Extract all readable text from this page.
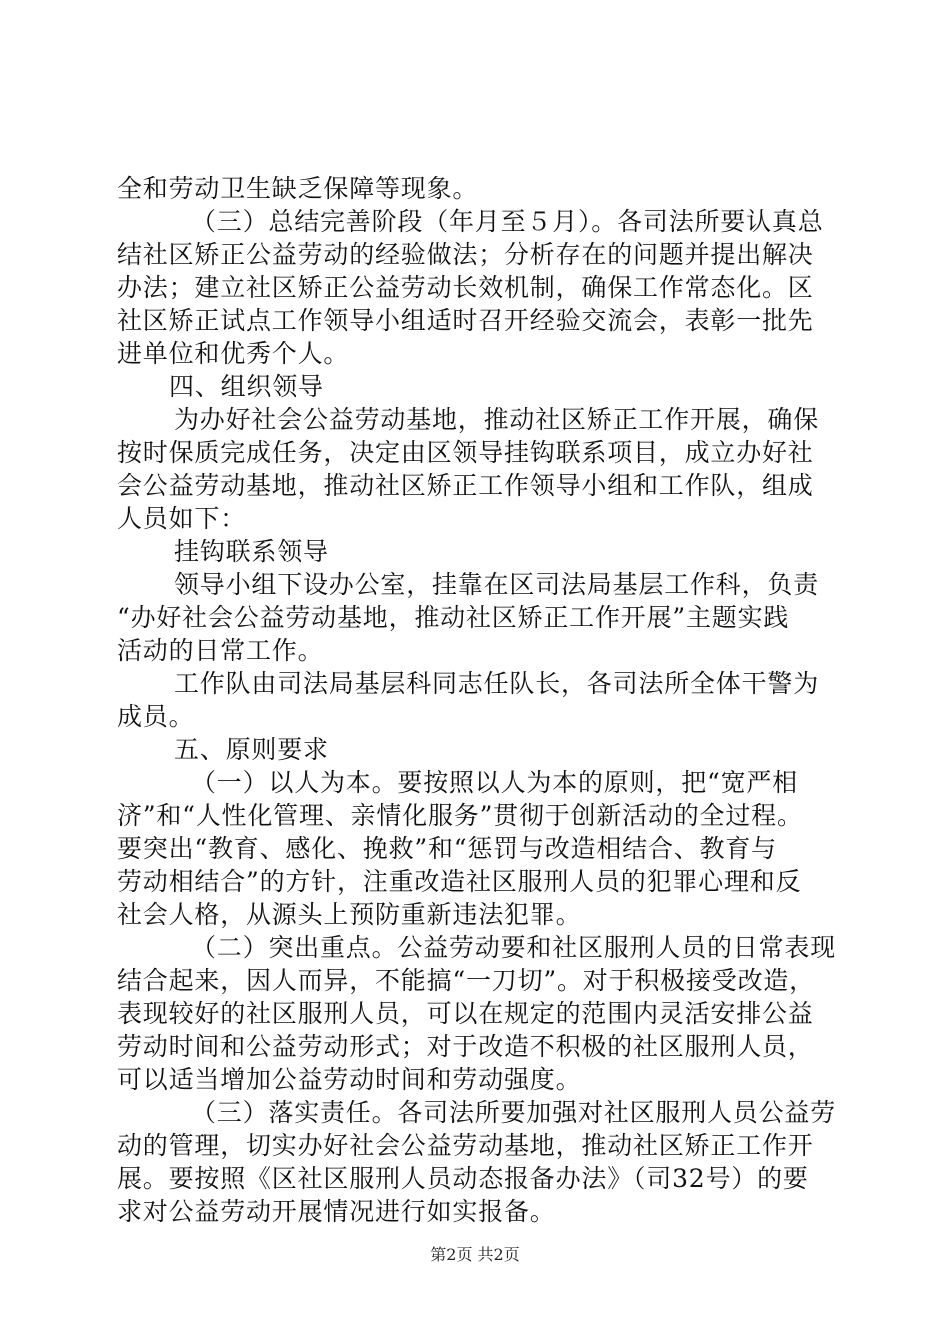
全和劳动卫生缺乏保障等现象。
（三）总结完善阶段（年月至５月）。各司法所要认真总
结社区矫正公益劳动的经验做法；分析存在的问题并提出解决
办法；建立社区矫正公益劳动长效机制，确保工作常态化。区
社区矫正试点工作领导小组适时召开经验交流会，表彰一批先
进单位和优秀个人。
四、组织领导
为办好社会公益劳动基地，推动社区矫正工作开展，确保
按时保质完成任务，决定由区领导挂钩联系项目，成立办好社
会公益劳动基地，推动社区矫正工作领导小组和工作队，组成
人员如下：
挂钩联系领导
领导小组下设办公室，挂靠在区司法局基层工作科，负责
“办好社会公益劳动基地，推动社区矫正工作开展”主题实践
活动的日常工作。
工作队由司法局基层科同志任队长，各司法所全体干警为
成员。
五、原则要求
（一）以人为本。要按照以人为本的原则，把“宽严相
济”和“人性化管理、亲情化服务”贯彻于创新活动的全过程。
要突出“教育、感化、挽救”和“惩罚与改造相结合、教育与
劳动相结合”的方针，注重改造社区服刑人员的犯罪心理和反
社会人格，从源头上预防重新违法犯罪。
（二）突出重点。公益劳动要和社区服刑人员的日常表现
结合起来，因人而异，不能搞“一刀切”。对于积极接受改造，
表现较好的社区服刑人员，可以在规定的范围内灵活安排公益
劳动时间和公益劳动形式；对于改造不积极的社区服刑人员，
可以适当增加公益劳动时间和劳动强度。
（三）落实责任。各司法所要加强对社区服刑人员公益劳
动的管理，切实办好社会公益劳动基地，推动社区矫正工作开
展。要按照《区社区服刑人员动态报备办法》（司32号）的要
求对公益劳动开展情况进行如实报备。
第2页 共2页
